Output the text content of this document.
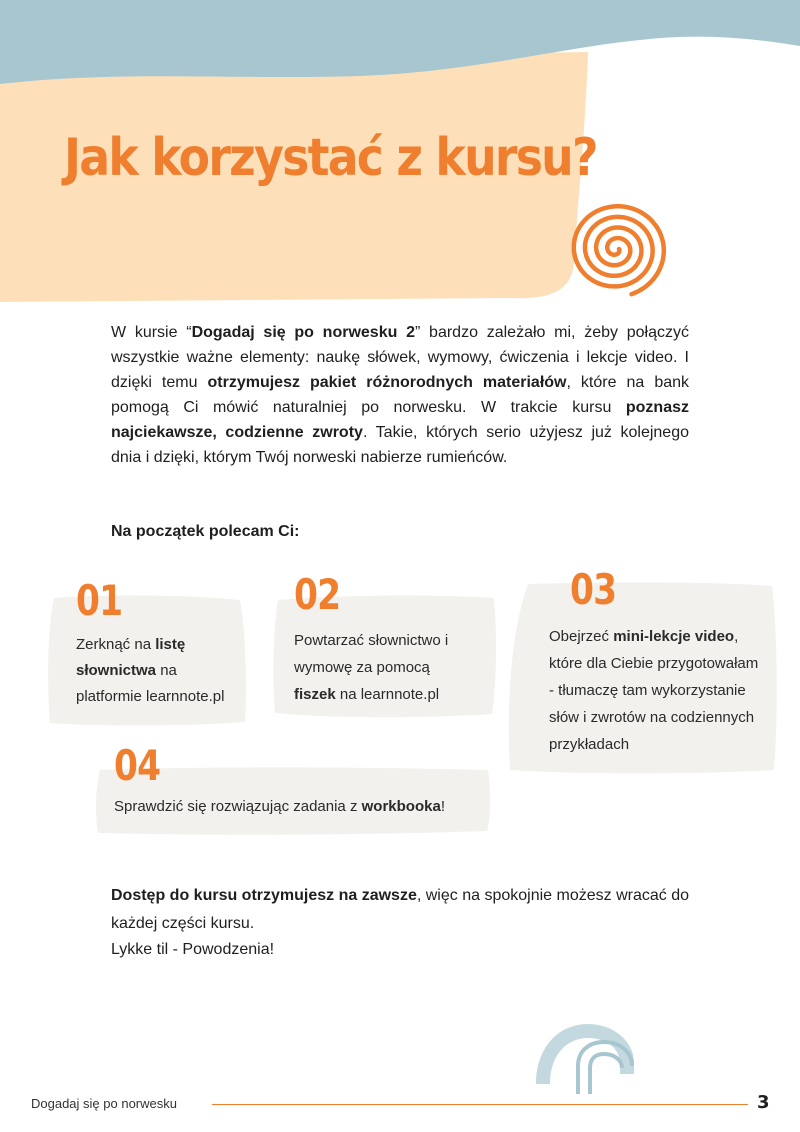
Jak korzystać z kursu?

W kursie “Dogadaj się po norwesku 2” bardzo zależało mi, żeby połączyć wszystkie ważne elementy: naukę słówek, wymowy, ćwiczenia i lekcje video. I dzięki temu otrzymujesz pakiet różnorodnych materiałów, które na bank pomogą Ci mówić naturalniej po norwesku. W trakcie kursu poznasz najciekawsze, codzienne zwroty. Takie, których serio użyjesz już kolejnego dnia i dzięki, którym Twój norweski nabierze rumieńców.

Na początek polecam Ci:

01
Zerknąć na listę słownictwa na platformie learnnote.pl
02
Powtarzać słownictwo i wymowę za pomocą fiszek na learnnote.pl
03
Obejrzeć mini-lekcje video, które dla Ciebie przygotowałam - tłumaczę tam wykorzystanie słów i zwrotów na codziennych przykładach
04
Sprawdzić się rozwiązując zadania z workbooka!

Dostęp do kursu otrzymujesz na zawsze, więc na spokojnie możesz wracać do każdej części kursu.

Lykke til - Powodzenia!

Dogadaj się po norwesku	3
